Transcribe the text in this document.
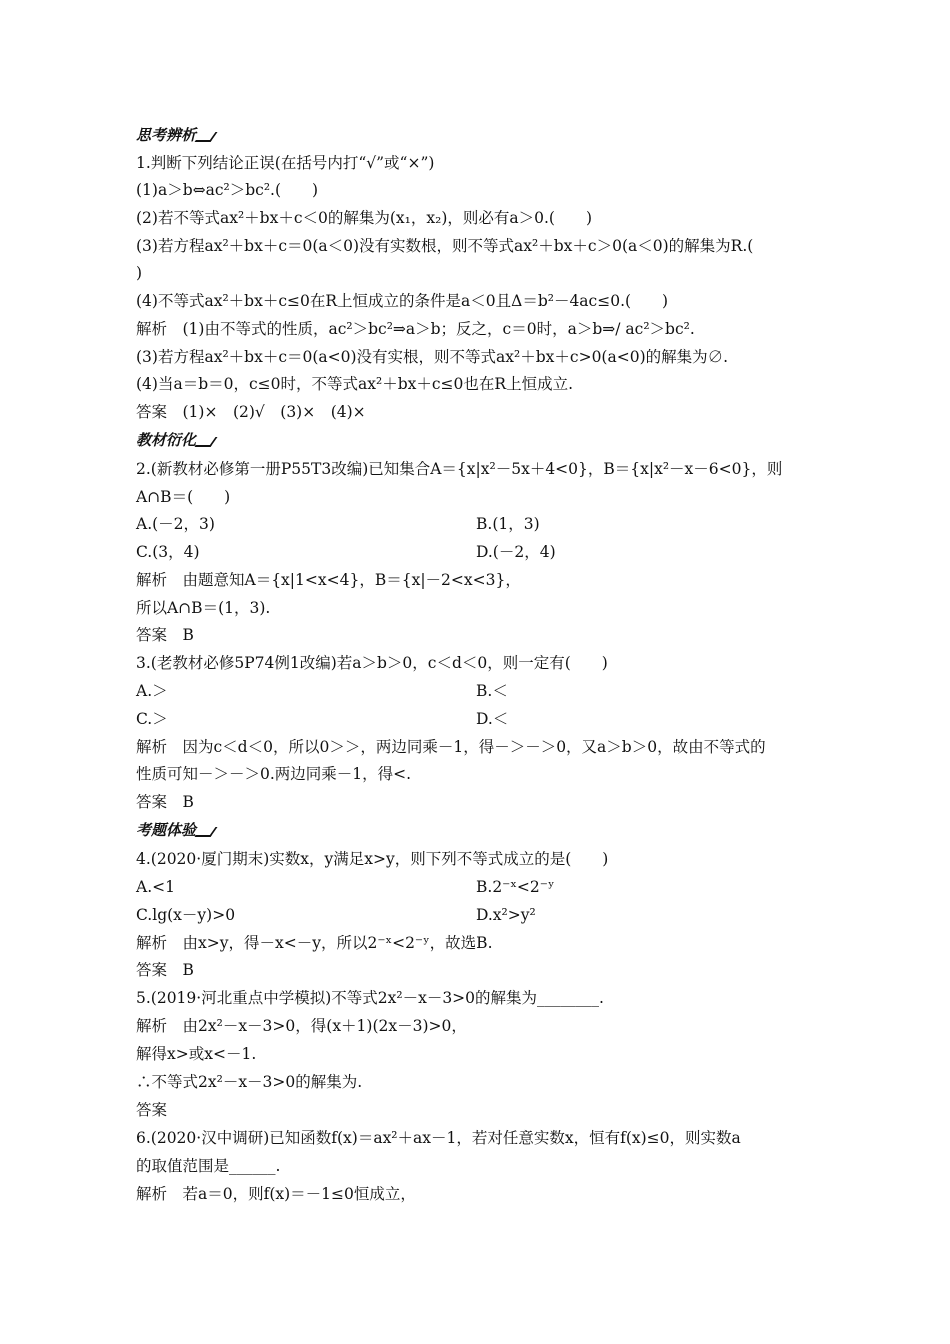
思考辨析
1.判断下列结论正误(在括号内打“√”或“×”)
(1)a＞b⇔ac²＞bc².(　　)
(2)若不等式ax²＋bx＋c＜0的解集为(x₁，x₂)，则必有a＞0.(　　)
(3)若方程ax²＋bx＋c＝0(a＜0)没有实数根，则不等式ax²＋bx＋c＞0(a＜0)的解集为R.(
)
(4)不等式ax²＋bx＋c≤0在R上恒成立的条件是a＜0且Δ＝b²－4ac≤0.(　　)
解析　(1)由不等式的性质，ac²＞bc²⇒a＞b；反之，c＝0时，a＞b⇒/ ac²＞bc².
(3)若方程ax²＋bx＋c＝0(a<0)没有实根，则不等式ax²＋bx＋c>0(a<0)的解集为∅.
(4)当a＝b＝0，c≤0时，不等式ax²＋bx＋c≤0也在R上恒成立.
答案　(1)×　(2)√　(3)×　(4)×
教材衍化
2.(新教材必修第一册P55T3改编)已知集合A＝{x|x²－5x＋4<0}，B＝{x|x²－x－6<0}，则
A∩B＝(　　)
A.(－2，3)	B.(1，3)
C.(3，4)	D.(－2，4)
解析　由题意知A＝{x|1<x<4}，B＝{x|－2<x<3}，
所以A∩B＝(1，3).
答案　B
3.(老教材必修5P74例1改编)若a＞b＞0，c＜d＜0，则一定有(　　)
A.＞	B.＜
C.＞	D.＜
解析　因为c＜d＜0，所以0＞＞，两边同乘－1，得－＞－＞0，又a＞b＞0，故由不等式的
性质可知－＞－＞0.两边同乘－1，得<.
答案　B
考题体验
4.(2020·厦门期末)实数x，y满足x>y，则下列不等式成立的是(　　)
A.<1	B.2⁻ˣ<2⁻ʸ
C.lg(x－y)>0	D.x²>y²
解析　由x>y，得－x<－y，所以2⁻ˣ<2⁻ʸ，故选B.
答案　B
5.(2019·河北重点中学模拟)不等式2x²－x－3>0的解集为________.
解析　由2x²－x－3>0，得(x＋1)(2x－3)>0，
解得x>或x<－1.
∴不等式2x²－x－3>0的解集为.
答案
6.(2020·汉中调研)已知函数f(x)＝ax²＋ax－1，若对任意实数x，恒有f(x)≤0，则实数a
的取值范围是______.
解析　若a＝0，则f(x)＝－1≤0恒成立，
